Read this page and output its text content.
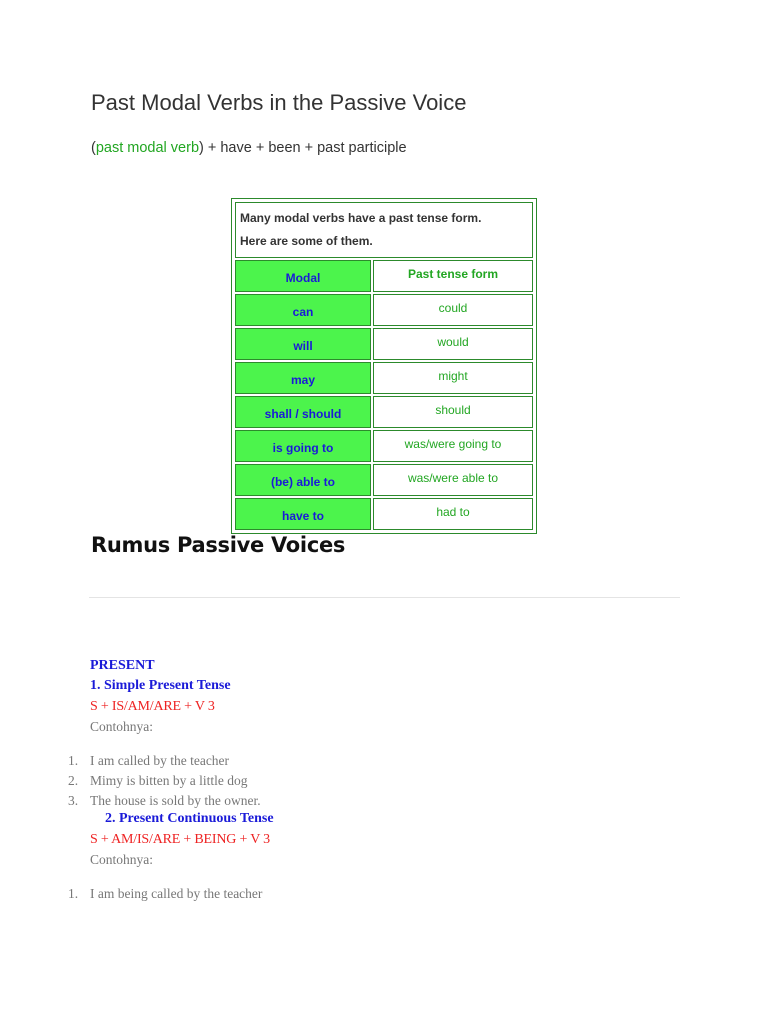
Past Modal Verbs in the Passive Voice

(past modal verb) + have + been + past participle

Many modal verbs have a past tense form.
Here are some of them.	

Modal	Past tense form
can	could
will	would
may	might
shall / should	should
is going to	was/were going to
(be) able to	was/were able to
have to	had to
Rumus Passive Voices

PRESENT

1. Simple Present Tense

S + IS/AM/ARE + V 3

Contohnya:

1. I am called by the teacher
2. Mimy is bitten by a little dog
3. The house is sold by the owner.

2. Present Continuous Tense

S + AM/IS/ARE + BEING + V 3

Contohnya:

1. I am being called by the teacher
